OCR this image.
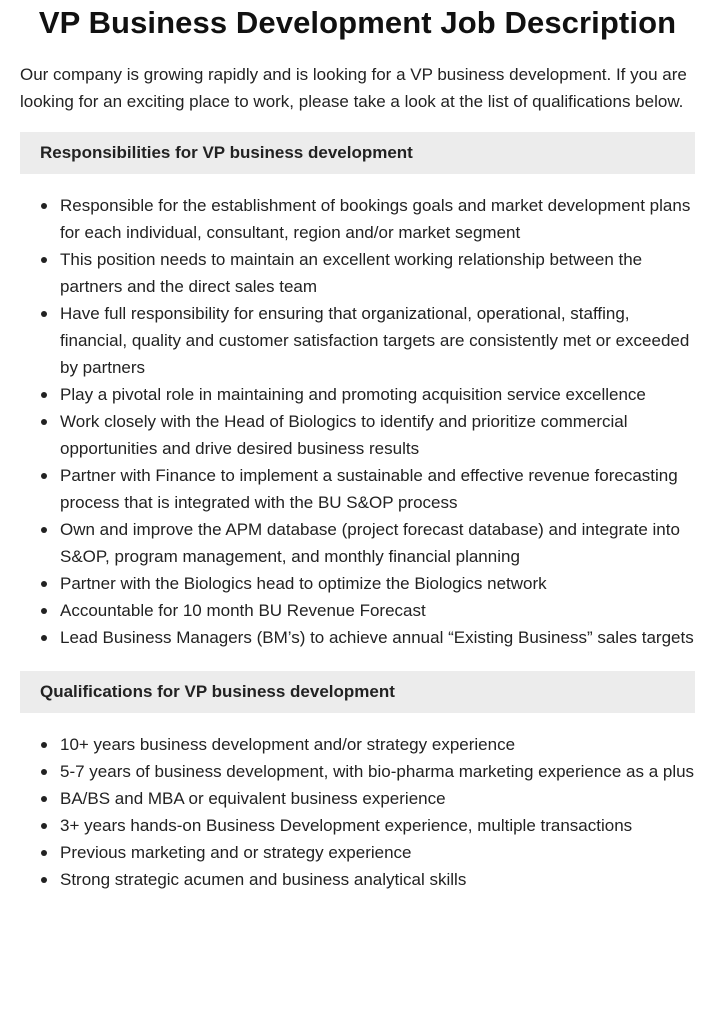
VP Business Development Job Description

Our company is growing rapidly and is looking for a VP business development. If you are looking for an exciting place to work, please take a look at the list of qualifications below.

Responsibilities for VP business development
Responsible for the establishment of bookings goals and market development plans for each individual, consultant, region and/or market segment
This position needs to maintain an excellent working relationship between the partners and the direct sales team
Have full responsibility for ensuring that organizational, operational, staffing, financial, quality and customer satisfaction targets are consistently met or exceeded by partners
Play a pivotal role in maintaining and promoting acquisition service excellence
Work closely with the Head of Biologics to identify and prioritize commercial opportunities and drive desired business results
Partner with Finance to implement a sustainable and effective revenue forecasting process that is integrated with the BU S&OP process
Own and improve the APM database (project forecast database) and integrate into S&OP, program management, and monthly financial planning
Partner with the Biologics head to optimize the Biologics network
Accountable for 10 month BU Revenue Forecast
Lead Business Managers (BM’s) to achieve annual “Existing Business” sales targets
Qualifications for VP business development
10+ years business development and/or strategy experience
5-7 years of business development, with bio-pharma marketing experience as a plus
BA/BS and MBA or equivalent business experience
3+ years hands-on Business Development experience, multiple transactions
Previous marketing and or strategy experience
Strong strategic acumen and business analytical skills
